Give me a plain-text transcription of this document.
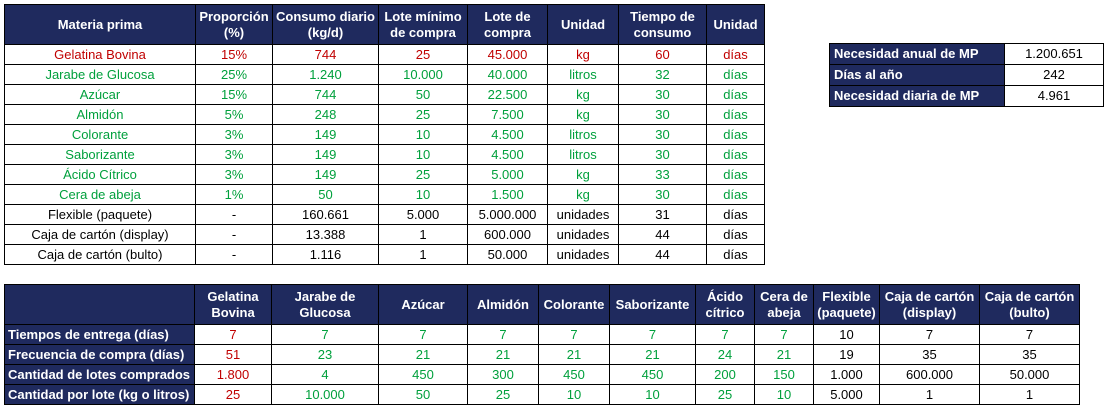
Materia prima	Proporción (%)	Consumo diario (kg/d)	Lote mínimo de compra	Lote de compra	Unidad	Tiempo de consumo	Unidad
Gelatina Bovina	15%	744	25	45.000	kg	60	días
Jarabe de Glucosa	25%	1.240	10.000	40.000	litros	32	días
Azúcar	15%	744	50	22.500	kg	30	días
Almidón	5%	248	25	7.500	kg	30	días
Colorante	3%	149	10	4.500	litros	30	días
Saborizante	3%	149	10	4.500	litros	30	días
Ácido Cítrico	3%	149	25	5.000	kg	33	días
Cera de abeja	1%	50	10	1.500	kg	30	días
Flexible (paquete)	-	160.661	5.000	5.000.000	unidades	31	días
Caja de cartón (display)	-	13.388	1	600.000	unidades	44	días
Caja de cartón (bulto)	-	1.116	1	50.000	unidades	44	días
Necesidad anual de MP	1.200.651
Días al año	242
Necesidad diaria de MP	4.961
	Gelatina Bovina	Jarabe de Glucosa	Azúcar	Almidón	Colorante	Saborizante	Ácido cítrico	Cera de abeja	Flexible (paquete)	Caja de cartón (display)	Caja de cartón (bulto)
Tiempos de entrega (días)	7	7	7	7	7	7	7	7	10	7	7
Frecuencia de compra (días)	51	23	21	21	21	21	24	21	19	35	35
Cantidad de lotes comprados	1.800	4	450	300	450	450	200	150	1.000	600.000	50.000
Cantidad por lote (kg o litros)	25	10.000	50	25	10	10	25	10	5.000	1	1
